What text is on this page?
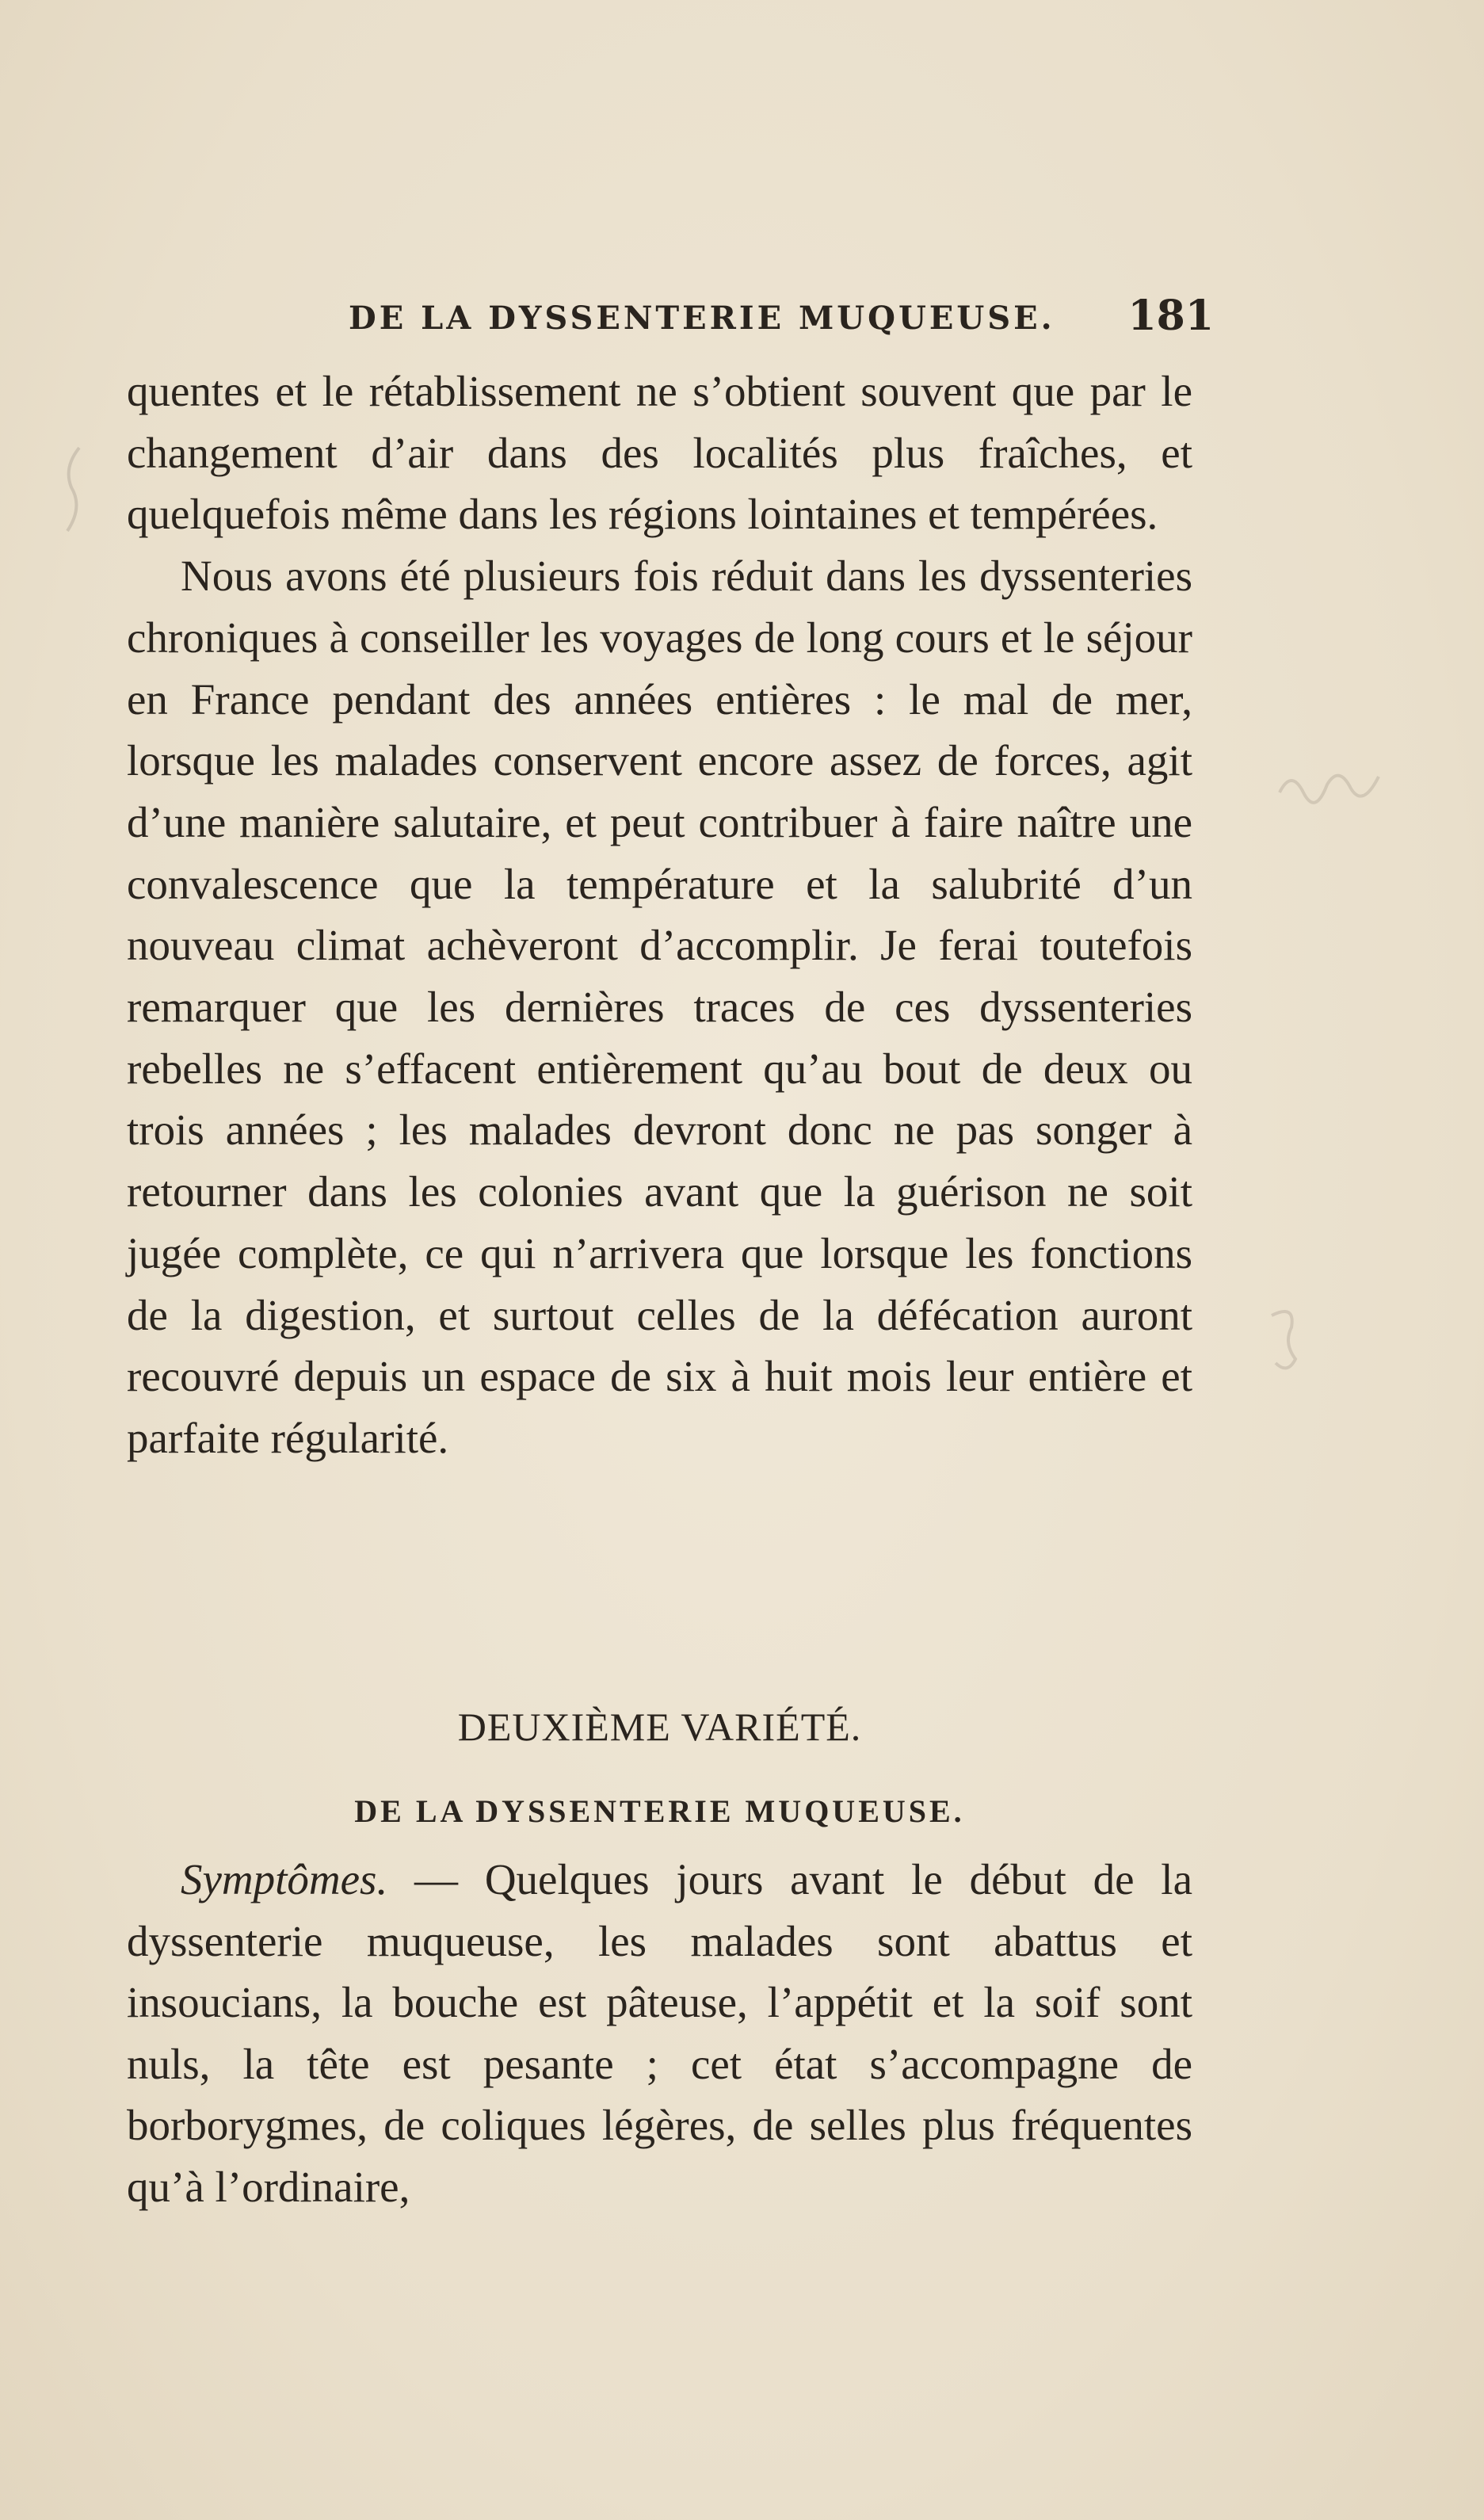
DE LA DYSSENTERIE MUQUEUSE. 181

quentes et le rétablissement ne s’obtient souvent que par le changement d’air dans des localités plus fraîches, et quelquefois même dans les régions lointaines et tempérées.

Nous avons été plusieurs fois réduit dans les dyssenteries chroniques à conseiller les voyages de long cours et le séjour en France pendant des années entières : le mal de mer, lorsque les malades conservent encore assez de forces, agit d’une manière salutaire, et peut contribuer à faire naître une convalescence que la température et la salubrité d’un nouveau climat achèveront d’accomplir. Je ferai toutefois remarquer que les dernières traces de ces dyssenteries rebelles ne s’effacent entièrement qu’au bout de deux ou trois années ; les malades devront donc ne pas songer à retourner dans les colonies avant que la guérison ne soit jugée complète, ce qui n’arrivera que lorsque les fonctions de la digestion, et surtout celles de la défécation auront recouvré depuis un espace de six à huit mois leur entière et parfaite régularité.

DEUXIÈME VARIÉTÉ.
DE LA DYSSENTERIE MUQUEUSE.

Symptômes. — Quelques jours avant le début de la dyssenterie muqueuse, les malades sont abattus et insoucians, la bouche est pâteuse, l’appétit et la soif sont nuls, la tête est pesante ; cet état s’accompagne de borborygmes, de coliques légères, de selles plus fréquentes qu’à l’ordinaire,
